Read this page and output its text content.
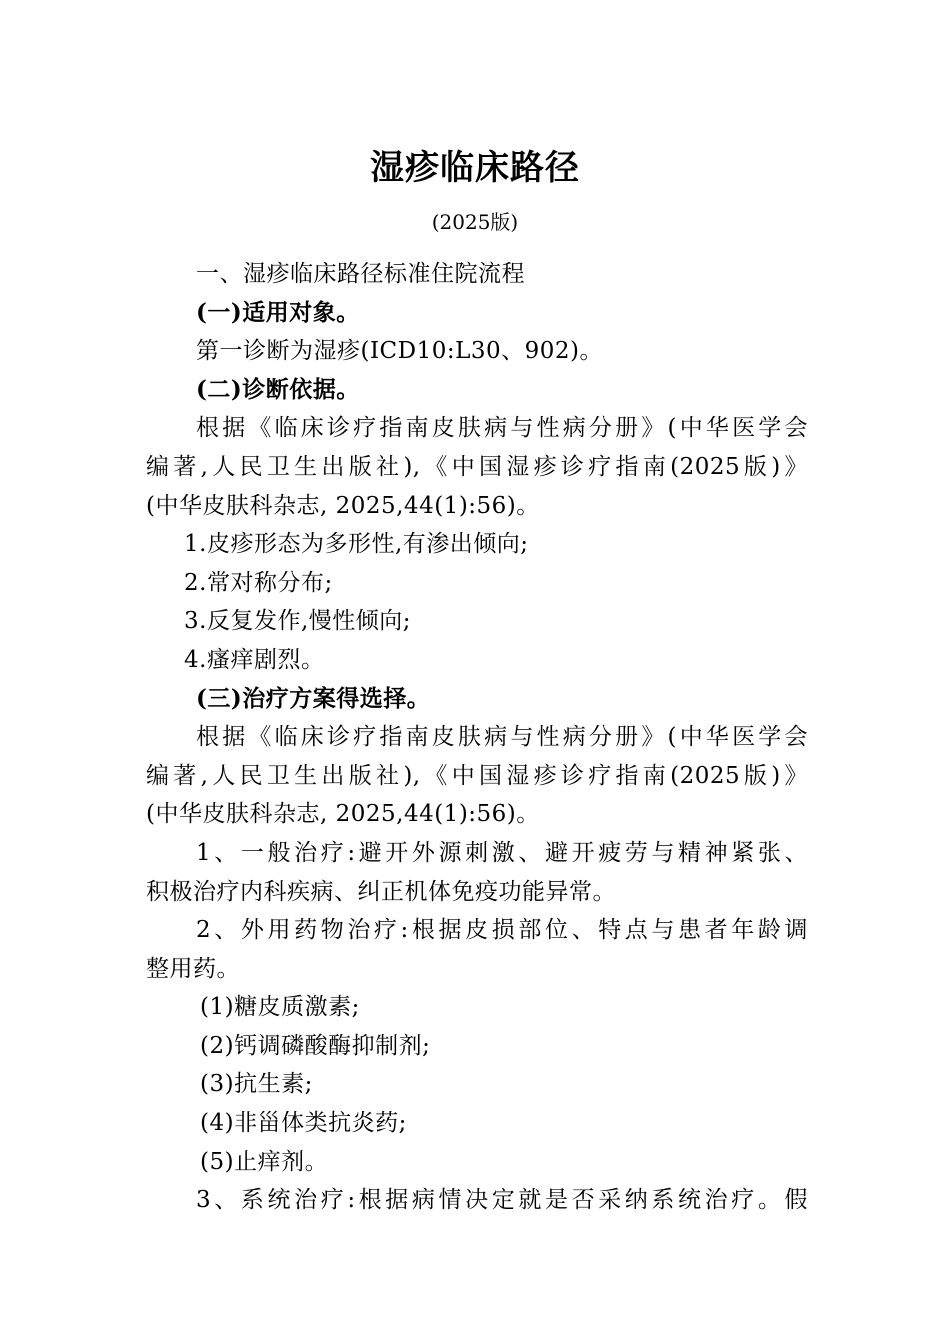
湿疹临床路径
(2025版)
一、湿疹临床路径标准住院流程
(一)适用对象。
第一诊断为湿疹(ICD10:L30、902)。
(二)诊断依据。
根据《临床诊疗指南皮肤病与性病分册》(中华医学会
编著,人民卫生出版社),《中国湿疹诊疗指南(2025版)》
(中华皮肤科杂志, 2025,44(1):56)。
1.皮疹形态为多形性,有渗出倾向;
2.常对称分布;
3.反复发作,慢性倾向;
4.瘙痒剧烈。
(三)治疗方案得选择。
根据《临床诊疗指南皮肤病与性病分册》(中华医学会
编著,人民卫生出版社),《中国湿疹诊疗指南(2025版)》
(中华皮肤科杂志, 2025,44(1):56)。
1、一般治疗:避开外源刺激、避开疲劳与精神紧张、
积极治疗内科疾病、纠正机体免疫功能异常。
2、外用药物治疗:根据皮损部位、特点与患者年龄调
整用药。
(1)糖皮质激素;
(2)钙调磷酸酶抑制剂;
(3)抗生素;
(4)非甾体类抗炎药;
(5)止痒剂。
3、系统治疗:根据病情决定就是否采纳系统治疗。假
